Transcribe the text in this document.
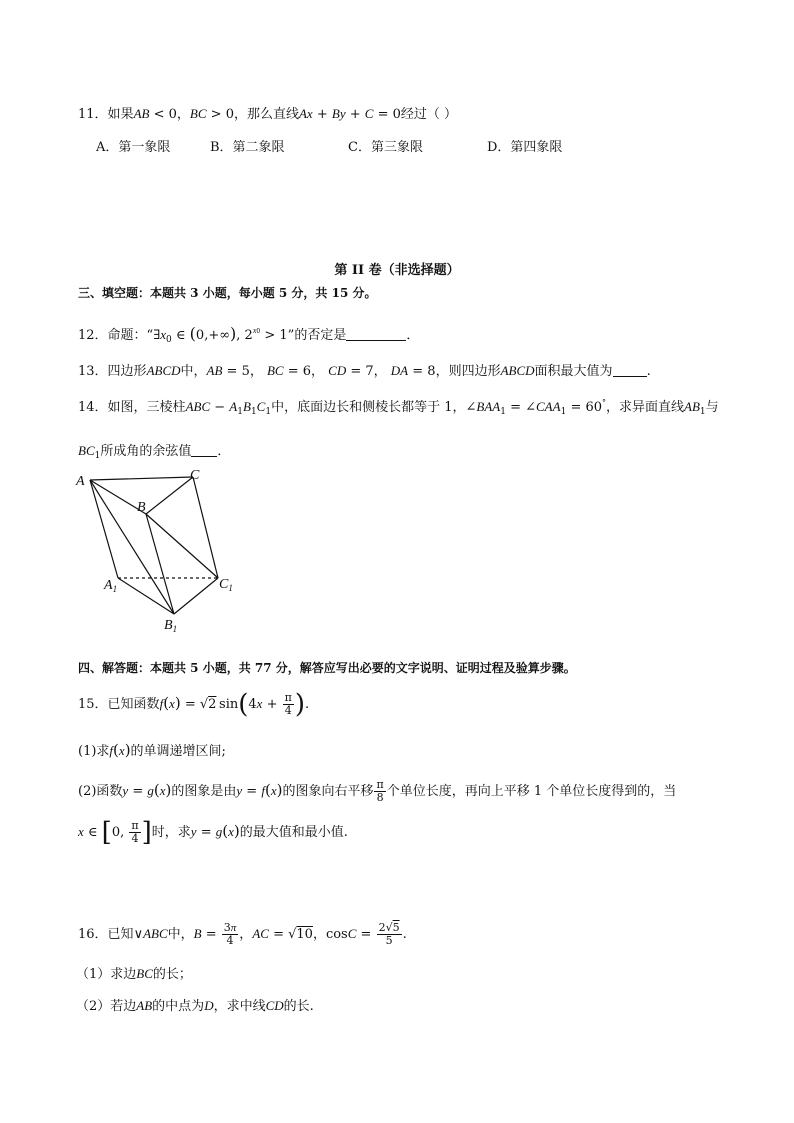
11．如果AB < 0，BC > 0，那么直线Ax + By + C = 0经过（ ）
A．第一象限	B．第二象限	C．第三象限	D．第四象限
第 II 卷（非选择题）
三、填空题：本题共 3 小题，每小题 5 分，共 15 分。
12．命题：“$\exists x_0$ ∈ (0,+∞), $2^{x0} > 1$”的否定是	．
13．四边形ABCD中，AB = 5， BC = 6， CD = 7， DA = 8，则四边形ABCD面积最大值为	.
14．如图，三棱柱ABC − $A_1B_1C_1$中，底面边长和侧棱长都等于 1，$\angle BAA_1$ = $\angle CAA_1 = 60^\circ$，求异面直线$AB_1$与
$BC_1$所成角的余弦值 ．
A	C
B
$A_1$	$C_1$
$B_1$
四、解答题：本题共 5 小题，共 77 分，解答应写出必要的文字说明、证明过程及验算步骤。
15．已知函数f(x) = √2 $\sin(4x + \frac{\pi}{4}$ ).
(1)求f(x)的单调递增区间;
(2)函数y = g(x)的图象是由y = f(x)的图象向右平移 $\frac{\pi}{8}$ 个单位长度，再向上平移 1 个单位长度得到的，当
x ∈ [0, $\frac{\pi}{4}$ ]时，求y = g(x)的最大值和最小值.
16．已知∨ABC中，$B = \frac{3\pi}{4}$ ，AC = √10，$\cos C = \frac{2√5}{5}$ .
（1）求边BC的长；
（2）若边AB的中点为D，求中线CD的长.
